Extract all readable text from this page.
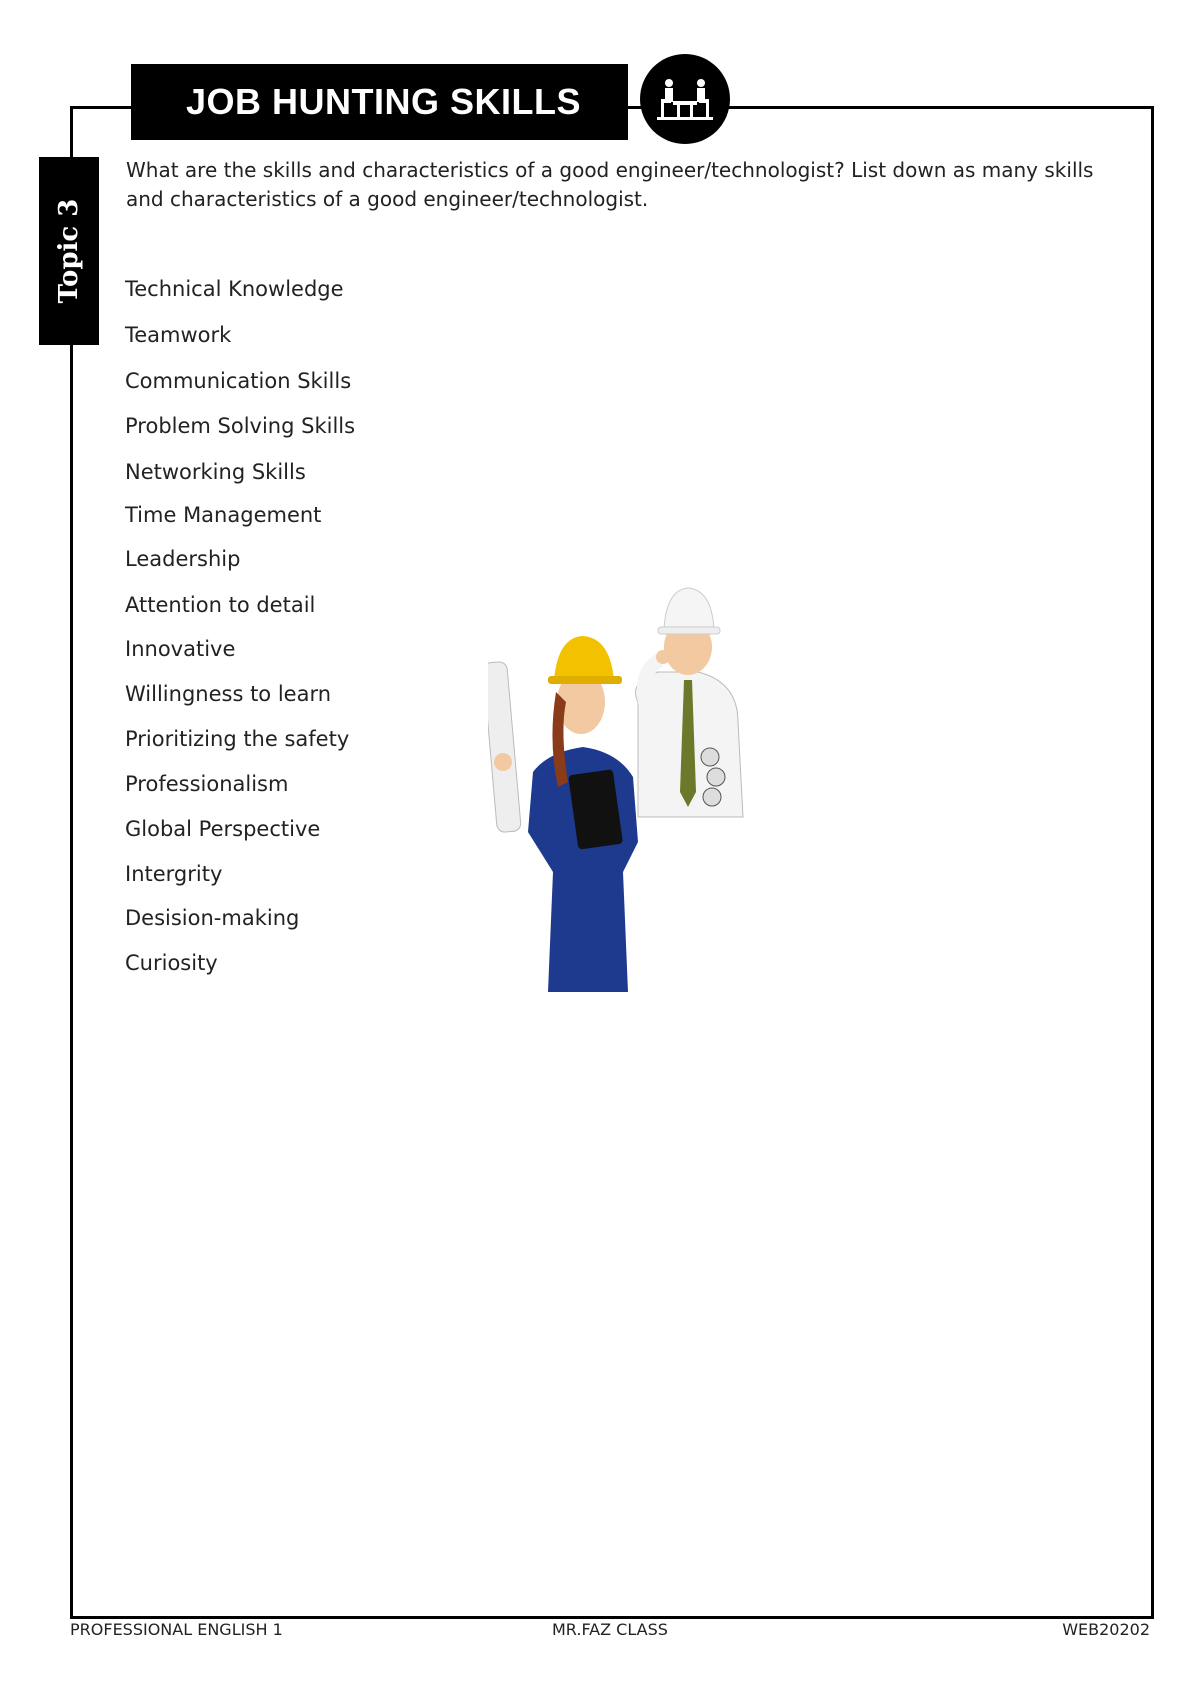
JOB HUNTING SKILLS
Topic 3
What are the skills and characteristics of a good engineer/technologist? List down as many skills and characteristics of a good engineer/technologist.
Technical Knowledge
Teamwork
Communication Skills
Problem Solving Skills
Networking Skills
Time Management
Leadership
Attention to detail
Innovative
Willingness to learn
Prioritizing the safety
Professionalism
Global Perspective
Intergrity
Desision-making
Curiosity
PROFESSIONAL ENGLISH 1	MR.FAZ CLASS	WEB20202
